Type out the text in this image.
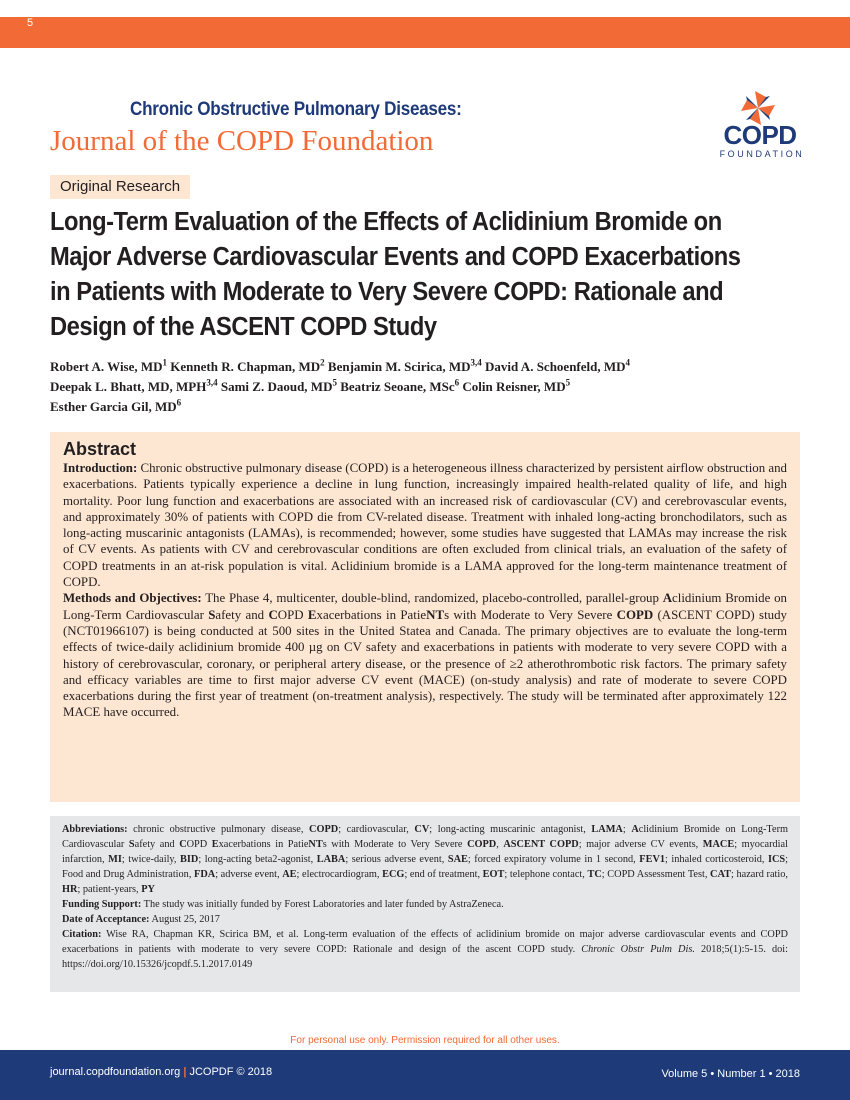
5
Chronic Obstructive Pulmonary Diseases:
Journal of the COPD Foundation	COPD
FOUNDATION
Original Research
Long-Term Evaluation of the Effects of Aclidinium Bromide on
Major Adverse Cardiovascular Events and COPD Exacerbations
in Patients with Moderate to Very Severe COPD: Rationale and
Design of the ASCENT COPD Study
Robert A. Wise, $MD^1$ Kenneth R. Chapman, $MD^2$ Benjamin M. Scirica, MD$^{3,4}$ David A. Schoenfeld, $MD^4$
Deepak L. Bhatt, MD, MPH$^{3,4}$ Sami Z. Daoud, $MD^5$ Beatriz Seoane, MSc$^6$ Colin Reisner, $MD^5$
Esther Garcia Gil, $MD^6$
Abstract

Introduction: Chronic obstructive pulmonary disease (COPD) is a heterogeneous illness characterized by persistent airflow obstruction and exacerbations. Patients typically experience a decline in lung function, increasingly impaired health-related quality of life, and high mortality. Poor lung function and exacerbations are associated with an increased risk of cardiovascular (CV) and cerebrovascular events, and approximately 30% of patients with COPD die from CV-related disease. Treatment with inhaled long-acting bronchodilators, such as long-acting muscarinic antagonists (LAMAs), is recommended; however, some studies have suggested that LAMAs may increase the risk of CV events. As patients with CV and cerebrovascular conditions are often excluded from clinical trials, an evaluation of the safety of COPD treatments in an at-risk population is vital. Aclidinium bromide is a LAMA approved for the long-term maintenance treatment of COPD.

Methods and Objectives: The Phase 4, multicenter, double-blind, randomized, placebo-controlled, parallel-group Aclidinium Bromide on Long-Term Cardiovascular Safety and COPD Exacerbations in PatieNTs with Moderate to Very Severe COPD (ASCENT COPD) study (NCT01966107) is being conducted at 500 sites in the United Statea and Canada. The primary objectives are to evaluate the long-term effects of twice-daily aclidinium bromide 400 µg on CV safety and exacerbations in patients with moderate to very severe COPD with a history of cerebrovascular, coronary, or peripheral artery disease, or the presence of ≥2 atherothrombotic risk factors. The primary safety and efficacy variables are time to first major adverse CV event (MACE) (on-study analysis) and rate of moderate to severe COPD exacerbations during the first year of treatment (on-treatment analysis), respectively. The study will be terminated after approximately 122 MACE have occurred.

Abbreviations: chronic obstructive pulmonary disease, COPD; cardiovascular, CV; long-acting muscarinic antagonist, LAMA; Aclidinium Bromide on Long-Term Cardiovascular Safety and COPD Exacerbations in PatieNTs with Moderate to Very Severe COPD, ASCENT COPD; major adverse CV events, MACE; myocardial infarction, MI; twice-daily, BID; long-acting beta2-agonist, LABA; serious adverse event, SAE; forced expiratory volume in 1 second, FEV1; inhaled corticosteroid, ICS; Food and Drug Administration, FDA; adverse event, AE; electrocardiogram, ECG; end of treatment, EOT; telephone contact, TC; COPD Assessment Test, CAT; hazard ratio, HR; patient-years, PY

Funding Support: The study was initially funded by Forest Laboratories and later funded by AstraZeneca.

Date of Acceptance: August 25, 2017

Citation: Wise RA, Chapman KR, Scirica BM, et al. Long-term evaluation of the effects of aclidinium bromide on major adverse cardiovascular events and COPD exacerbations in patients with moderate to very severe COPD: Rationale and design of the ascent COPD study. Chronic Obstr Pulm Dis. 2018;5(1):5-15. doi: https://doi.org/10.15326/jcopdf.5.1.2017.0149

For personal use only. Permission required for all other uses.
journal.copdfoundation.org | JCOPDF © 2018	Volume 5 • Number 1 • 2018
